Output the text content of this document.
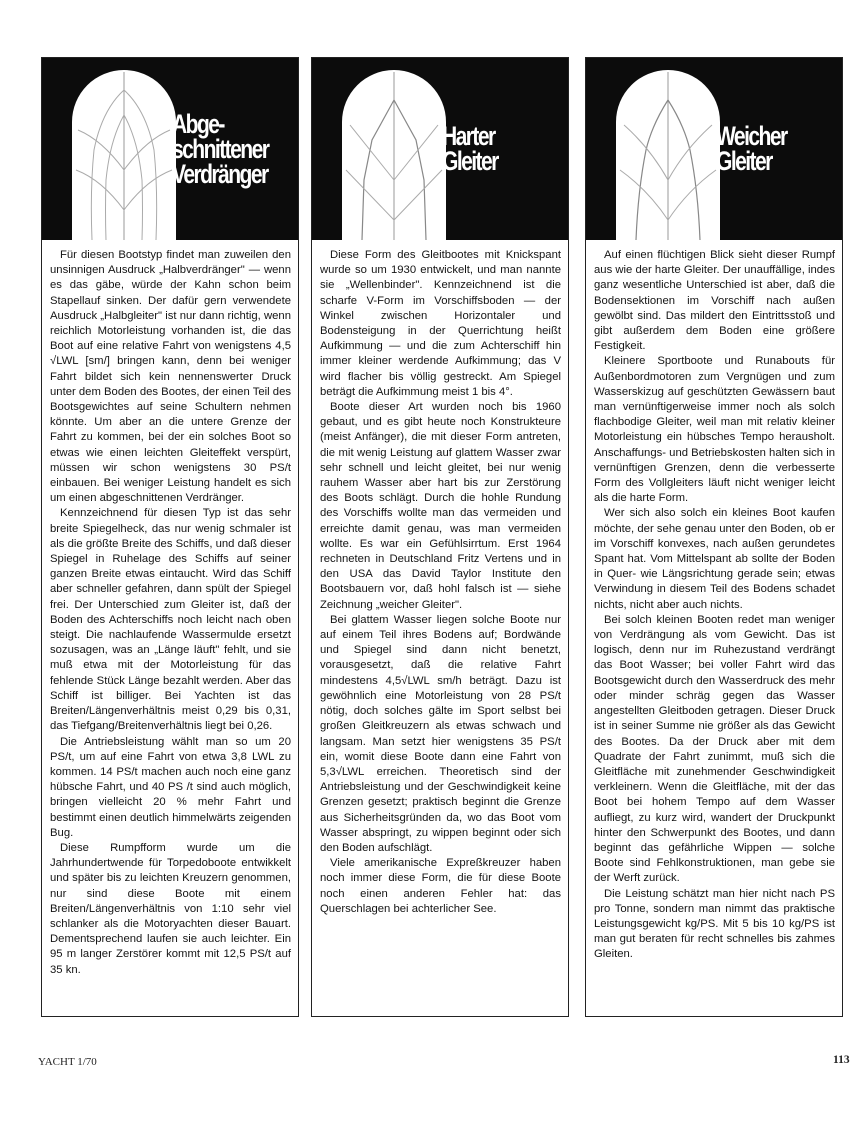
Abge-
schnittener
Verdränger

Für diesen Bootstyp findet man zuweilen den unsinnigen Ausdruck „Halbverdränger" — wenn es das gäbe, würde der Kahn schon beim Stapellauf sinken. Der dafür gern verwendete Ausdruck „Halbgleiter" ist nur dann richtig, wenn reichlich Motorleistung vorhanden ist, die das Boot auf eine relative Fahrt von wenigstens 4,5 √LWL [sm/] bringen kann, denn bei weniger Fahrt bildet sich kein nennenswerter Druck unter dem Boden des Bootes, der einen Teil des Bootsgewichtes auf seine Schultern nehmen könnte. Um aber an die untere Grenze der Fahrt zu kommen, bei der ein solches Boot so etwas wie einen leichten Gleiteffekt verspürt, müssen wir schon wenigstens 30 PS/t einbauen. Bei weniger Leistung handelt es sich um einen abgeschnittenen Verdränger.

Kennzeichnend für diesen Typ ist das sehr breite Spiegelheck, das nur wenig schmaler ist als die größte Breite des Schiffs, und daß dieser Spiegel in Ruhelage des Schiffs auf seiner ganzen Breite etwas eintaucht. Wird das Schiff aber schneller gefahren, dann spült der Spiegel frei. Der Unterschied zum Gleiter ist, daß der Boden des Achterschiffs noch leicht nach oben steigt. Die nachlaufende Wassermulde ersetzt sozusagen, was an „Länge läuft" fehlt, und sie muß etwa mit der Motorleistung für das fehlende Stück Länge bezahlt werden. Aber das Schiff ist billiger. Bei Yachten ist das Breiten/Längenverhältnis meist 0,29 bis 0,31, das Tiefgang/Breitenverhältnis liegt bei 0,26.

Die Antriebsleistung wählt man so um 20 PS/t, um auf eine Fahrt von etwa 3,8 LWL zu kommen. 14 PS/t machen auch noch eine ganz hübsche Fahrt, und 40 PS /t sind auch möglich, bringen vielleicht 20 % mehr Fahrt und bestimmt einen deutlich himmelwärts zeigenden Bug.

Diese Rumpfform wurde um die Jahrhundertwende für Torpedoboote entwikkelt und später bis zu leichten Kreuzern genommen, nur sind diese Boote mit einem Breiten/Längenverhältnis von 1:10 sehr viel schlanker als die Motoryachten dieser Bauart. Dementsprechend laufen sie auch leichter. Ein 95 m langer Zerstörer kommt mit 12,5 PS/t auf 35 kn.

Harter
Gleiter

Diese Form des Gleitbootes mit Knickspant wurde so um 1930 entwickelt, und man nannte sie „Wellenbinder". Kennzeichnend ist die scharfe V-Form im Vorschiffsboden — der Winkel zwischen Horizontaler und Bodensteigung in der Querrichtung heißt Aufkimmung — und die zum Achterschiff hin immer kleiner werdende Aufkimmung; das V wird flacher bis völlig gestreckt. Am Spiegel beträgt die Aufkimmung meist 1 bis 4°.

Boote dieser Art wurden noch bis 1960 gebaut, und es gibt heute noch Konstrukteure (meist Anfänger), die mit dieser Form antreten, die mit wenig Leistung auf glattem Wasser zwar sehr schnell und leicht gleitet, bei nur wenig rauhem Wasser aber hart bis zur Zerstörung des Boots schlägt. Durch die hohle Rundung des Vorschiffs wollte man das vermeiden und erreichte damit genau, was man vermeiden wollte. Es war ein Gefühlsirrtum. Erst 1964 rechneten in Deutschland Fritz Vertens und in den USA das David Taylor Institute den Bootsbauern vor, daß hohl falsch ist — siehe Zeichnung „weicher Gleiter".

Bei glattem Wasser liegen solche Boote nur auf einem Teil ihres Bodens auf; Bordwände und Spiegel sind dann nicht benetzt, vorausgesetzt, daß die relative Fahrt mindestens 4,5√LWL sm/h beträgt. Dazu ist gewöhnlich eine Motorleistung von 28 PS/t nötig, doch solches gälte im Sport selbst bei großen Gleitkreuzern als etwas schwach und langsam. Man setzt hier wenigstens 35 PS/t ein, womit diese Boote dann eine Fahrt von 5,3√LWL erreichen. Theoretisch sind der Antriebsleistung und der Geschwindigkeit keine Grenzen gesetzt; praktisch beginnt die Grenze aus Sicherheitsgründen da, wo das Boot vom Wasser abspringt, zu wippen beginnt oder sich den Boden aufschlägt.

Viele amerikanische Expreßkreuzer haben noch immer diese Form, die für diese Boote noch einen anderen Fehler hat: das Querschlagen bei achterlicher See.

Weicher
Gleiter

Auf einen flüchtigen Blick sieht dieser Rumpf aus wie der harte Gleiter. Der unauffällige, indes ganz wesentliche Unterschied ist aber, daß die Bodensektionen im Vorschiff nach außen gewölbt sind. Das mildert den Eintrittsstoß und gibt außerdem dem Boden eine größere Festigkeit.

Kleinere Sportboote und Runabouts für Außenbordmotoren zum Vergnügen und zum Wasserskizug auf geschützten Gewässern baut man vernünftigerweise immer noch als solch flachbodige Gleiter, weil man mit relativ kleiner Motorleistung ein hübsches Tempo herausholt. Anschaffungs- und Betriebskosten halten sich in vernünftigen Grenzen, denn die verbesserte Form des Vollgleiters läuft nicht weniger leicht als die harte Form.

Wer sich also solch ein kleines Boot kaufen möchte, der sehe genau unter den Boden, ob er im Vorschiff konvexes, nach außen gerundetes Spant hat. Vom Mittelspant ab sollte der Boden in Quer- wie Längsrichtung gerade sein; etwas Verwindung in diesem Teil des Bodens schadet nichts, nicht aber auch nichts.

Bei solch kleinen Booten redet man weniger von Verdrängung als vom Gewicht. Das ist logisch, denn nur im Ruhezustand verdrängt das Boot Wasser; bei voller Fahrt wird das Bootsgewicht durch den Wasserdruck des mehr oder minder schräg gegen das Wasser angestellten Gleitboden getragen. Dieser Druck ist in seiner Summe nie größer als das Gewicht des Bootes. Da der Druck aber mit dem Quadrate der Fahrt zunimmt, muß sich die Gleitfläche mit zunehmender Geschwindigkeit verkleinern. Wenn die Gleitfläche, mit der das Boot bei hohem Tempo auf dem Wasser aufliegt, zu kurz wird, wandert der Druckpunkt hinter den Schwerpunkt des Bootes, und dann beginnt das gefährliche Wippen — solche Boote sind Fehlkonstruktionen, man gebe sie der Werft zurück.

Die Leistung schätzt man hier nicht nach PS pro Tonne, sondern man nimmt das praktische Leistungsgewicht kg/PS. Mit 5 bis 10 kg/PS ist man gut beraten für recht schnelles bis zahmes Gleiten.

YACHT 1/70	113
